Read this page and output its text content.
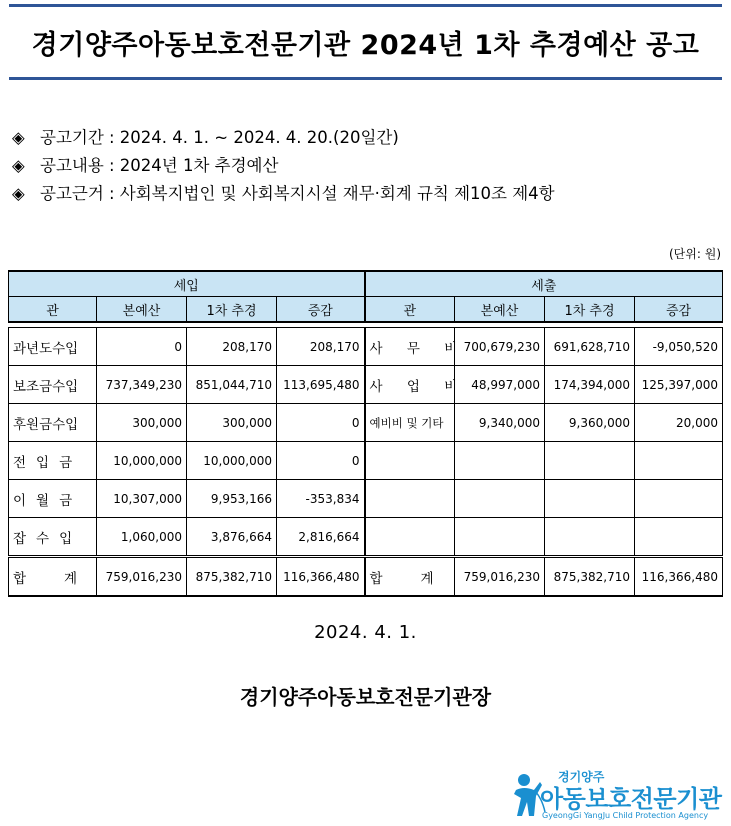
경기양주아동보호전문기관 2024년 1차 추경예산 공고
◈ 공고기간 : 2024. 4. 1. ~ 2024. 4. 20.(20일간)
◈ 공고내용 : 2024년 1차 추경예산
◈ 공고근거 : 사회복지법인 및 사회복지시설 재무·회계 규칙 제10조 제4항
(단위: 원)
세입				세출			
관	본예산	1차 추경	증감	관	본예산	1차 추경	증감

과년도수입	0	208,170	208,170	사 무 비	700,679,230	691,628,710	-9,050,520
보조금수입	737,349,230	851,044,710	113,695,480	사 업 비	48,997,000	174,394,000	125,397,000
후원금수입	300,000	300,000	0	예비비 및 기타	9,340,000	9,360,000	20,000
전입금	10,000,000	10,000,000	0				
이월금	10,307,000	9,953,166	-353,834				
잡수입	1,060,000	3,876,664	2,816,664				
합계	759,016,230	875,382,710	116,366,480	합계	759,016,230	875,382,710	116,366,480
2024. 4. 1.
경기양주아동보호전문기관장
경기양주
아동보호전문기관
GyeongGi YangJu Child Protection Agency
